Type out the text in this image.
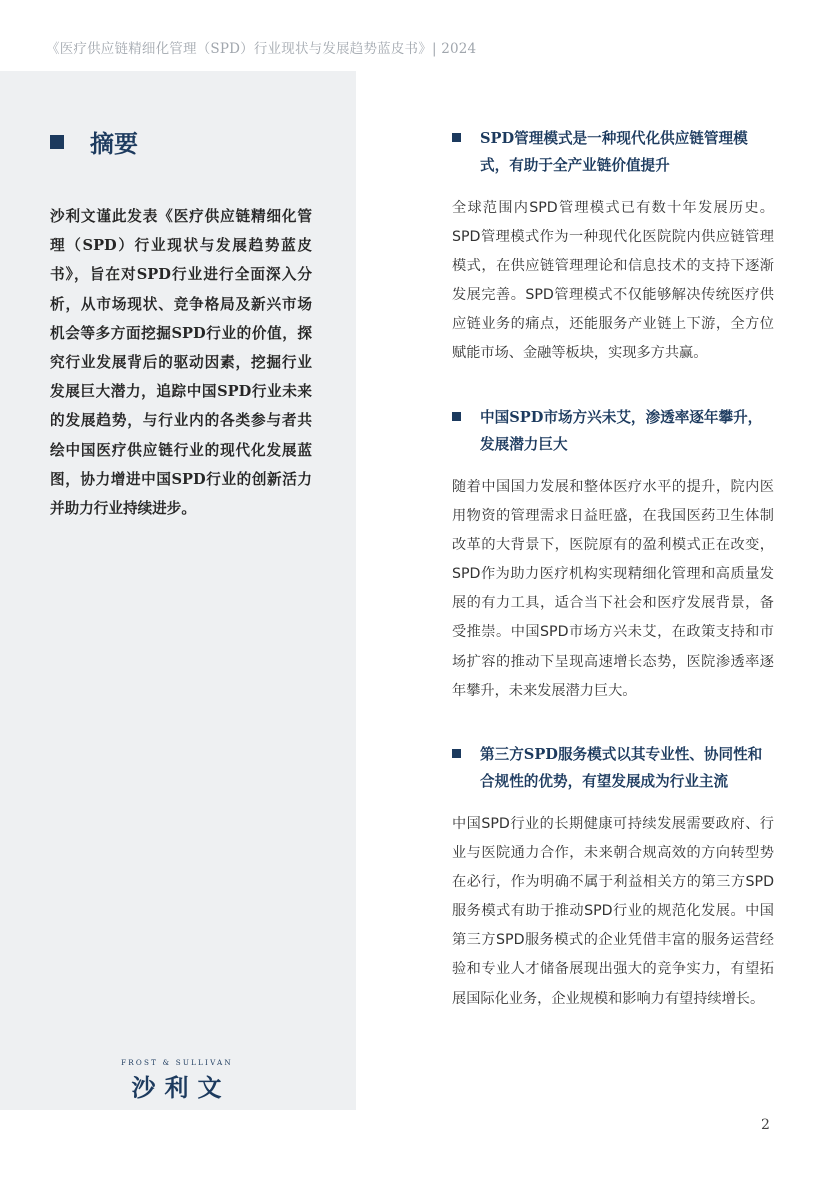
《医疗供应链精细化管理（SPD）行业现状与发展趋势蓝皮书》| 2024
摘要
沙利文谨此发表《医疗供应链精细化管理（SPD）行业现状与发展趋势蓝皮书》，旨在对SPD行业进行全面深入分析，从市场现状、竞争格局及新兴市场机会等多方面挖掘SPD行业的价值，探究行业发展背后的驱动因素，挖掘行业发展巨大潜力，追踪中国SPD行业未来的发展趋势，与行业内的各类参与者共绘中国医疗供应链行业的现代化发展蓝图，协力增进中国SPD行业的创新活力并助力行业持续进步。
FROST & SULLIVAN
沙利文
SPD管理模式是一种现代化供应链管理模式，有助于全产业链价值提升
全球范围内SPD管理模式已有数十年发展历史。SPD管理模式作为一种现代化医院院内供应链管理模式，在供应链管理理论和信息技术的支持下逐渐发展完善。SPD管理模式不仅能够解决传统医疗供应链业务的痛点，还能服务产业链上下游，全方位赋能市场、金融等板块，实现多方共赢。
中国SPD市场方兴未艾，渗透率逐年攀升，发展潜力巨大
随着中国国力发展和整体医疗水平的提升，院内医用物资的管理需求日益旺盛，在我国医药卫生体制改革的大背景下，医院原有的盈利模式正在改变，SPD作为助力医疗机构实现精细化管理和高质量发展的有力工具，适合当下社会和医疗发展背景，备受推崇。中国SPD市场方兴未艾，在政策支持和市场扩容的推动下呈现高速增长态势，医院渗透率逐年攀升，未来发展潜力巨大。
第三方SPD服务模式以其专业性、协同性和合规性的优势，有望发展成为行业主流
中国SPD行业的长期健康可持续发展需要政府、行业与医院通力合作，未来朝合规高效的方向转型势在必行，作为明确不属于利益相关方的第三方SPD服务模式有助于推动SPD行业的规范化发展。中国第三方SPD服务模式的企业凭借丰富的服务运营经验和专业人才储备展现出强大的竞争实力，有望拓展国际化业务，企业规模和影响力有望持续增长。
2
